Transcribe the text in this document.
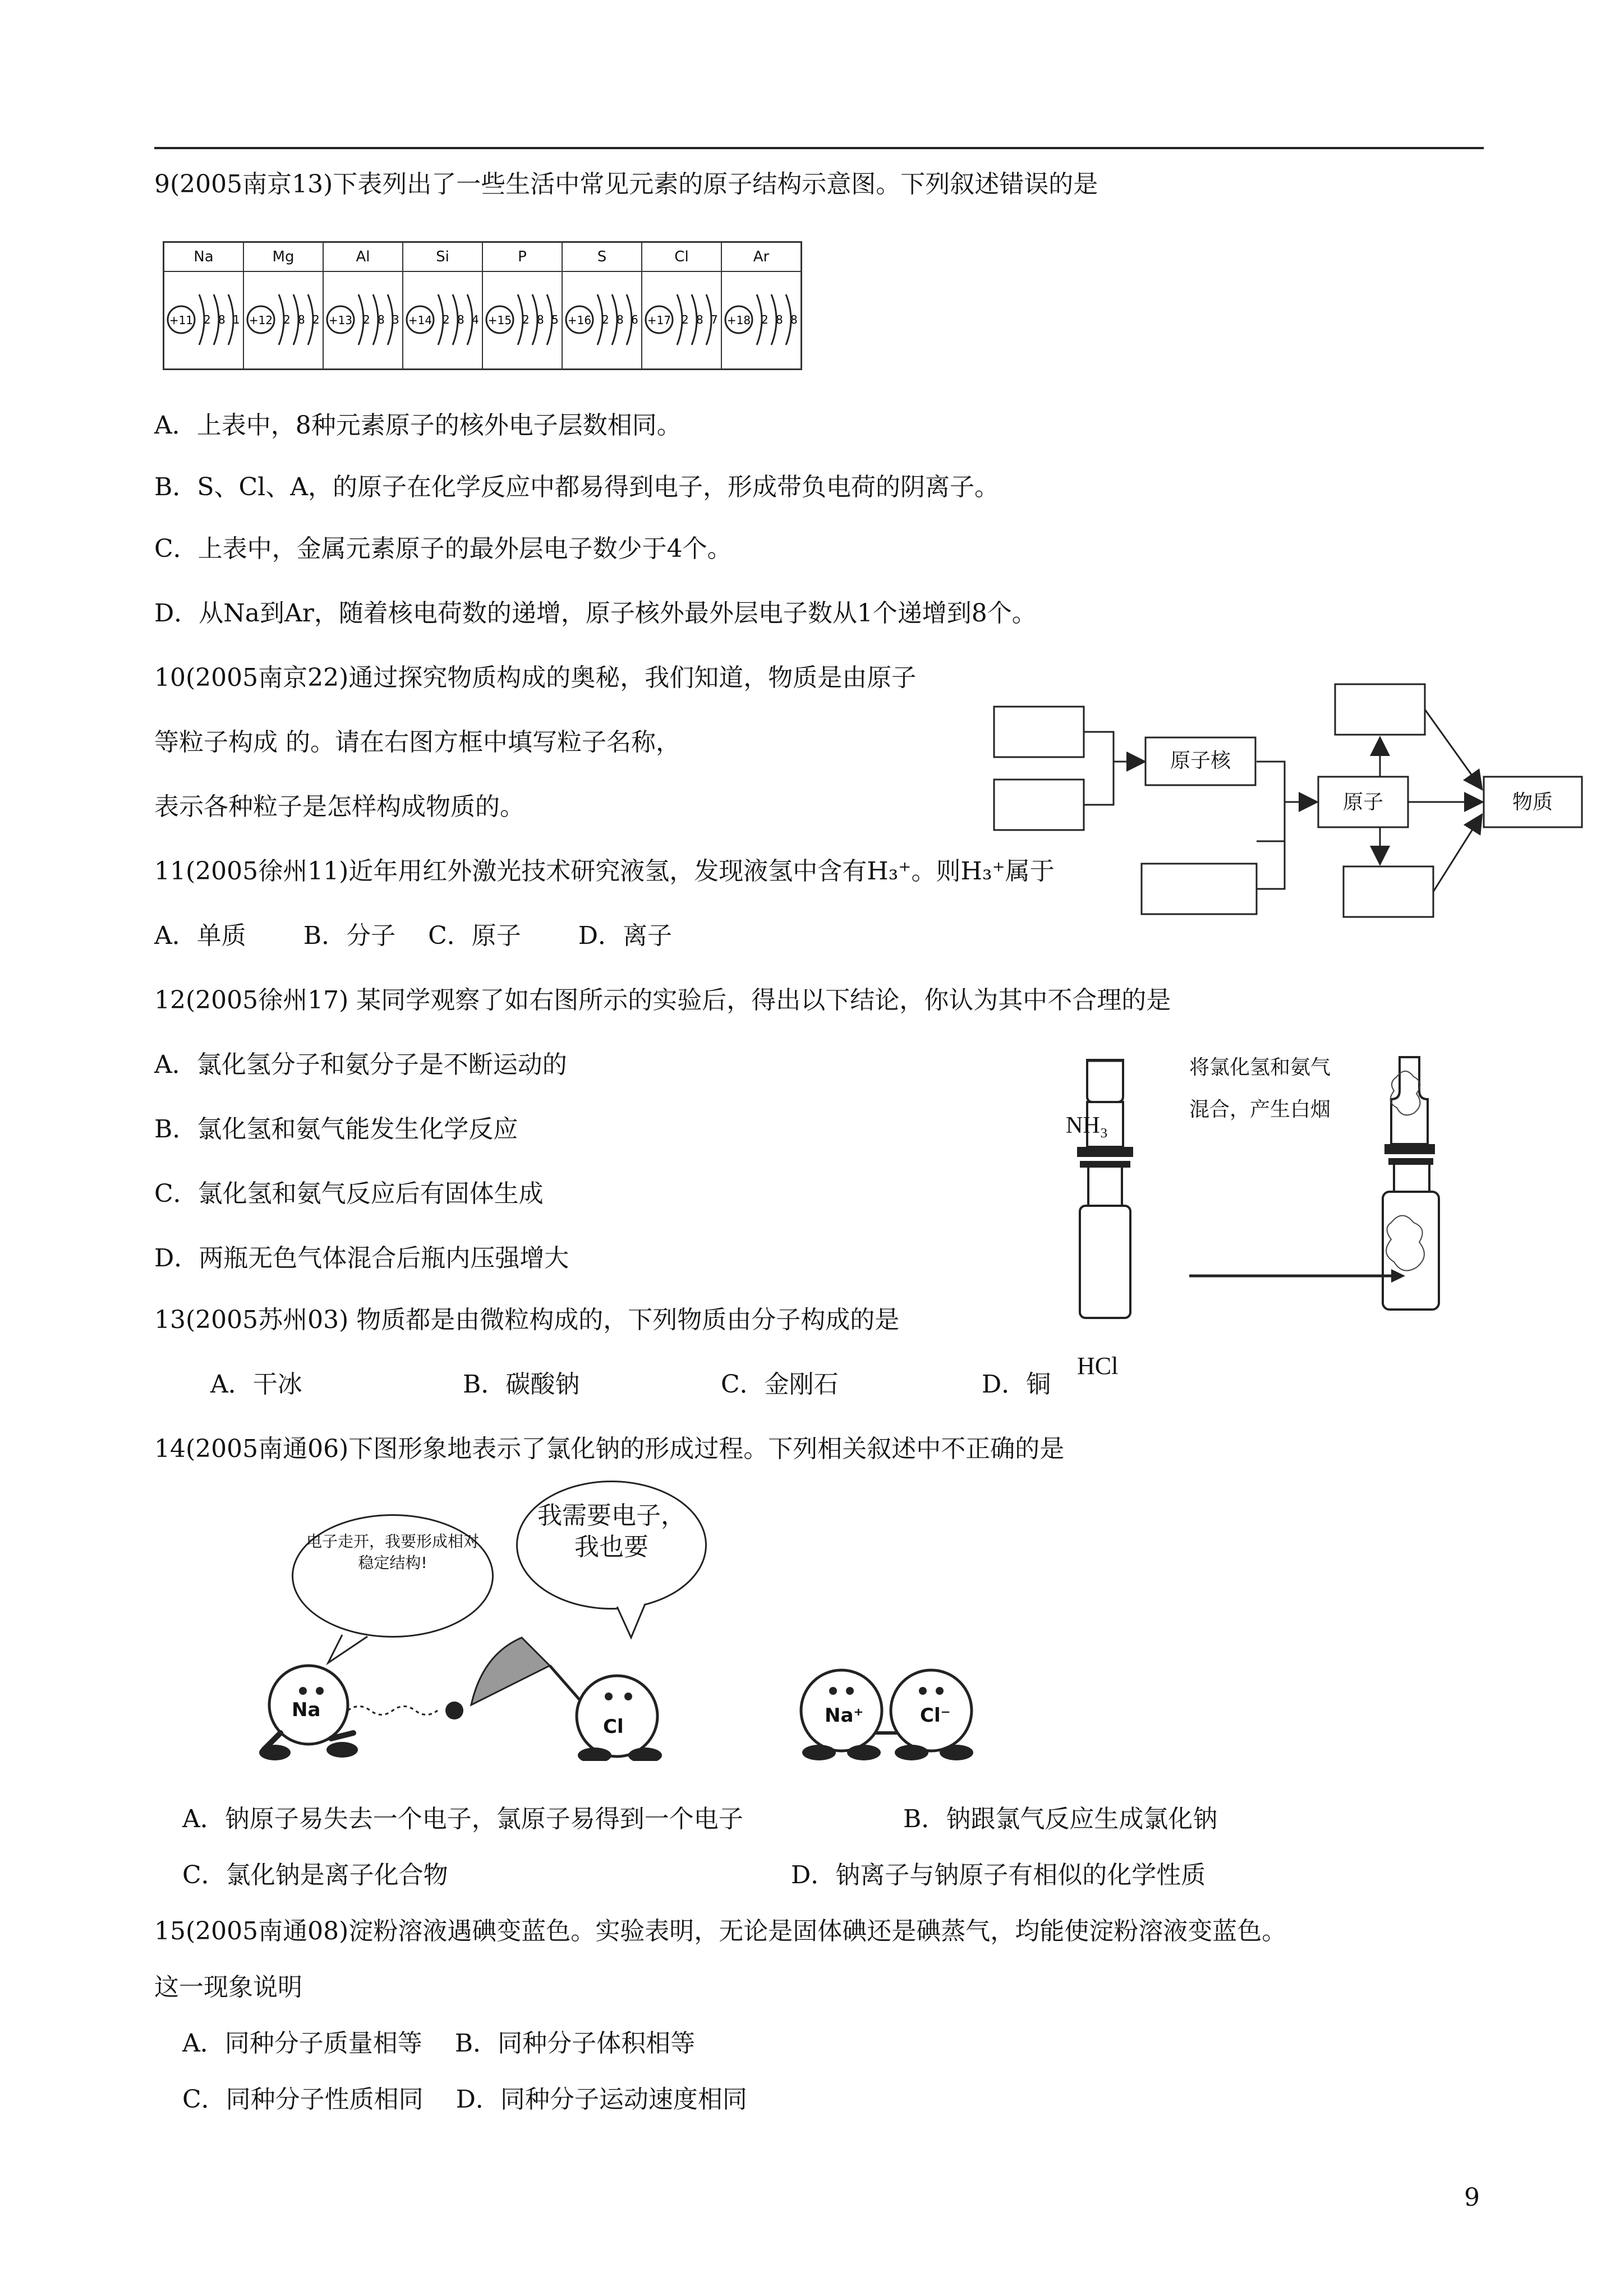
9(2005南京13)下表列出了一些生活中常见元素的原子结构示意图。下列叙述错误的是
Na	Mg	Al	Si	P	S	Cl	Ar
+11 2 8 1 +12 2 8 2 +13 2 8 3 +14 2 8 4 +15 2 8 5 +16 2 8 6 +17 2 8 7 +18 2 8 8
A．上表中，8种元素原子的核外电子层数相同。
B．S、Cl、A，的原子在化学反应中都易得到电子，形成带负电荷的阴离子。
C．上表中，金属元素原子的最外层电子数少于4个。
D．从Na到Ar，随着核电荷数的递增，原子核外最外层电子数从1个递增到8个。
10(2005南京22)通过探究物质构成的奥秘，我们知道，物质是由原子
等粒子构成 的。请在右图方框中填写粒子名称，
表示各种粒子是怎样构成物质的。
原子核
原子	物质
11(2005徐州11)近年用红外激光技术研究液氢，发现液氢中含有H₃⁺。则H₃⁺属于
A．单质　　 B．分子　 C．原子　　 D．离子
12(2005徐州17) 某同学观察了如右图所示的实验后，得出以下结论，你认为其中不合理的是
A．氯化氢分子和氨分子是不断运动的
B．氯化氢和氨气能发生化学反应
C．氯化氢和氨气反应后有固体生成
D．两瓶无色气体混合后瓶内压强增大
NH₃
将氯化氢和氨气
混合，产生白烟
HCl
13(2005苏州03) 物质都是由微粒构成的，下列物质由分子构成的是
A．干冰	B．碳酸钠	C．金刚石	D．铜
14(2005南通06)下图形象地表示了氯化钠的形成过程。下列相关叙述中不正确的是
电子走开，我要形成相对稳定结构!
我需要电子，我也要
Na
Cl	Na⁺	Cl⁻
A．钠原子易失去一个电子，氯原子易得到一个电子	B．钠跟氯气反应生成氯化钠
C．氯化钠是离子化合物	D．钠离子与钠原子有相似的化学性质
15(2005南通08)淀粉溶液遇碘变蓝色。实验表明，无论是固体碘还是碘蒸气，均能使淀粉溶液变蓝色。
这一现象说明
A．同种分子质量相等　 B．同种分子体积相等
C．同种分子性质相同　 D．同种分子运动速度相同
9
